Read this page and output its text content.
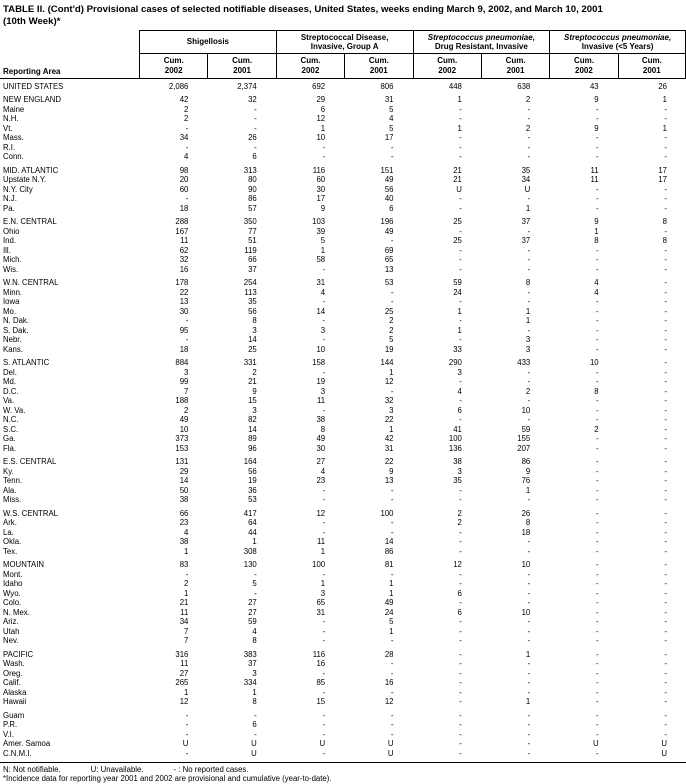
TABLE II. (Cont'd) Provisional cases of selected notifiable diseases, United States, weeks ending March 9, 2002, and March 10, 2001
(10th Week)*
Shigellosis
Streptococcal Disease,
Invasive, Group A
Streptococcus pneumoniae,
Drug Resistant, Invasive
Streptococcus pneumoniae,
Invasive (<5 Years)
Reporting Area
Cum.
2002
Cum.
2001
Cum.
2002
Cum.
2001
Cum.
2002
Cum.
2001
Cum.
2002
Cum.
2001
UNITED STATES	2,086	2,374	692	806	448	638	43	26
NEW ENGLAND	42	32	29	31	1	2	9	1
Maine	2	-	6	5	-	-	-	-
N.H.	2	-	12	4	-	-	-	-
Vt.	-	-	1	5	1	2	9	1
Mass.	34	26	10	17	-	-	-	-
R.I.	-	-	-	-	-	-	-	-
Conn.	4	6	-	-	-	-	-	-
MID. ATLANTIC	98	313	116	151	21	35	11	17
Upstate N.Y.	20	80	60	49	21	34	11	17
N.Y. City	60	90	30	56	U	U	-	-
N.J.	-	86	17	40	-	-	-	-
Pa.	18	57	9	6	-	1	-	-
E.N. CENTRAL	288	350	103	196	25	37	9	8
Ohio	167	77	39	49	-	-	1	-
Ind.	11	51	5	-	25	37	8	8
Ill.	62	119	1	69	-	-	-	-
Mich.	32	66	58	65	-	-	-	-
Wis.	16	37	-	13	-	-	-	-
W.N. CENTRAL	178	254	31	53	59	8	4	-
Minn.	22	113	4	-	24	-	4	-
Iowa	13	35	-	-	-	-	-	-
Mo.	30	56	14	25	1	1	-	-
N. Dak.	-	8	-	2	-	1	-	-
S. Dak.	95	3	3	2	1	-	-	-
Nebr.	-	14	-	5	-	3	-	-
Kans.	18	25	10	19	33	3	-	-
S. ATLANTIC	884	331	158	144	290	433	10	-
Del.	3	2	-	1	3	-	-	-
Md.	99	21	19	12	-	-	-	-
D.C.	7	9	3	-	4	2	8	-
Va.	188	15	11	32	-	-	-	-
W. Va.	2	3	-	3	6	10	-	-
N.C.	49	82	38	22	-	-	-	-
S.C.	10	14	8	1	41	59	2	-
Ga.	373	89	49	42	100	155	-	-
Fla.	153	96	30	31	136	207	-	-
E.S. CENTRAL	131	164	27	22	38	86	-	-
Ky.	29	56	4	9	3	9	-	-
Tenn.	14	19	23	13	35	76	-	-
Ala.	50	36	-	-	-	1	-	-
Miss.	38	53	-	-	-	-	-	-
W.S. CENTRAL	66	417	12	100	2	26	-	-
Ark.	23	64	-	-	2	8	-	-
La.	4	44	-	-	-	18	-	-
Okla.	38	1	11	14	-	-	-	-
Tex.	1	308	1	86	-	-	-	-
MOUNTAIN	83	130	100	81	12	10	-	-
Mont.	-	-	-	-	-	-	-	-
Idaho	2	5	1	1	-	-	-	-
Wyo.	1	-	3	1	6	-	-	-
Colo.	21	27	65	49	-	-	-	-
N. Mex.	11	27	31	24	6	10	-	-
Ariz.	34	59	-	5	-	-	-	-
Utah	7	4	-	1	-	-	-	-
Nev.	7	8	-	-	-	-	-	-
PACIFIC	316	383	116	28	-	1	-	-
Wash.	11	37	16	-	-	-	-	-
Oreg.	27	3	-	-	-	-	-	-
Calif.	265	334	85	16	-	-	-	-
Alaska	1	1	-	-	-	-	-	-
Hawaii	12	8	15	12	-	1	-	-
Guam	-	-	-	-	-	-	-	-
P.R.	-	6	-	-	-	-	-	-
V.I.	-	-	-	-	-	-	-	-
Amer. Samoa	U	U	U	U	-	-	U	U
C.N.M.I.	-	U	-	U	-	-	-	U
N: Not notifiable.	U: Unavailable.	- : No reported cases.
*Incidence data for reporting year 2001 and 2002 are provisional and cumulative (year-to-date).
